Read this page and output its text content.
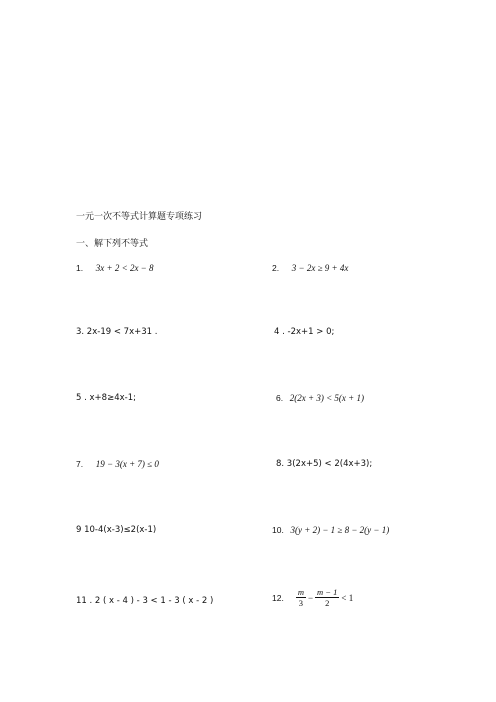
一元一次不等式计算题专项练习
一、解下列不等式
1. 3x + 2 < 2x − 8	2. 3 − 2x ≥ 9 + 4x
3. 2x-19 < 7x+31 .	4 . -2x+1 > 0;
5 . x+8≥4x-1;	6. 2(2x + 3) < 5(x + 1)
7. 19 − 3(x + 7) ≤ 0	8. 3(2x+5) < 2(4x+3);
9 10-4(x-3)≤2(x-1)	10. 3(y + 2) − 1 ≥ 8 − 2(y − 1)
11 . 2 ( x - 4 ) - 3 < 1 - 3 ( x - 2 )	12. $\frac{m}{3} - \frac{m - 1}{2} < 1$
